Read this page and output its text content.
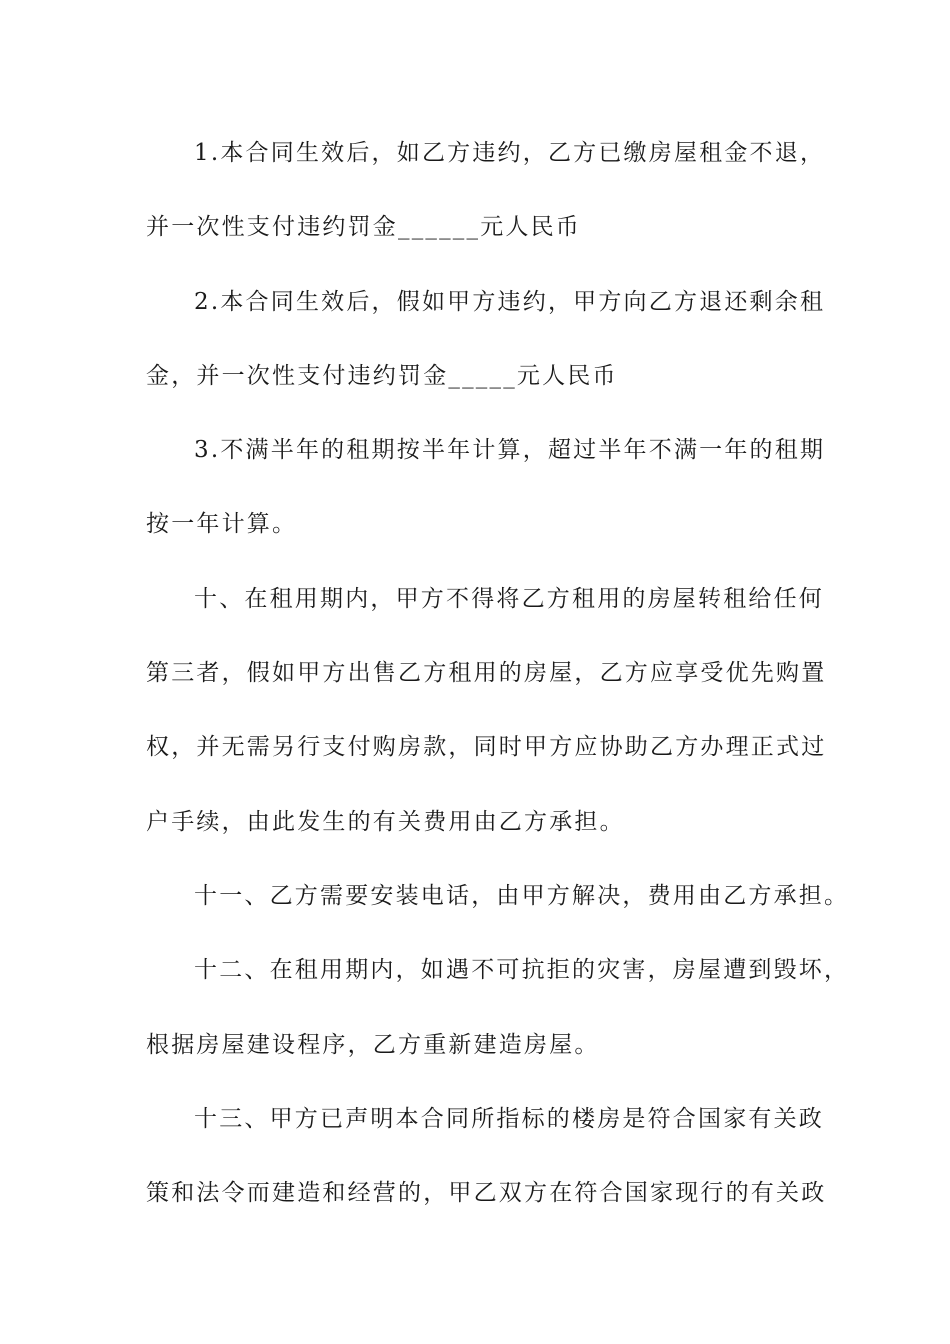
1.本合同生效后，如乙方违约，乙方已缴房屋租金不退，
并一次性支付违约罚金______元人民币
2.本合同生效后，假如甲方违约，甲方向乙方退还剩余租
金，并一次性支付违约罚金_____元人民币
3.不满半年的租期按半年计算，超过半年不满一年的租期
按一年计算。
十、在租用期内，甲方不得将乙方租用的房屋转租给任何
第三者，假如甲方出售乙方租用的房屋，乙方应享受优先购置
权，并无需另行支付购房款，同时甲方应协助乙方办理正式过
户手续，由此发生的有关费用由乙方承担。
十一、乙方需要安装电话，由甲方解决，费用由乙方承担。
十二、在租用期内，如遇不可抗拒的灾害，房屋遭到毁坏，
根据房屋建设程序，乙方重新建造房屋。
十三、甲方已声明本合同所指标的楼房是符合国家有关政
策和法令而建造和经营的，甲乙双方在符合国家现行的有关政
